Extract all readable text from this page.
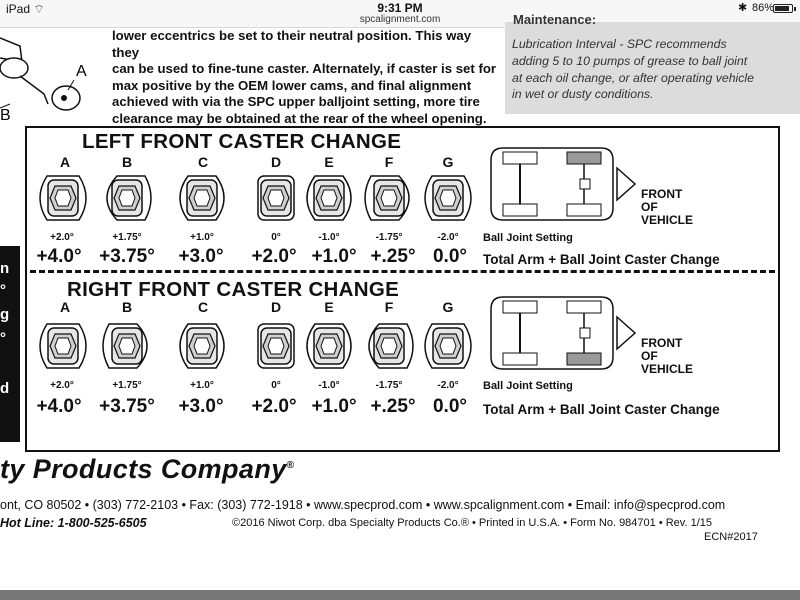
iPad ⌔	9:31 PM
spcalignment.com
✱ 86%
A
B
lower eccentrics be set to their neutral position. This way they
can be used to fine-tune caster. Alternately, if caster is set for
max positive by the OEM lower cams, and final alignment
achieved with via the SPC upper balljoint setting, more tire
clearance may be obtained at the rear of the wheel opening.
Maintenance:
Lubrication Interval - SPC recommends
adding 5 to 10 pumps of grease to ball joint
at each oil change, or after operating vehicle
in wet or dusty conditions.
n
°
g
°
d
LEFT FRONT CASTER CHANGE
A	B	C	D	E	F	G
FRONT
OF
VEHICLE
+2.0°	+1.75°	+1.0°	0°	-1.0°	-1.75°	-2.0°	Ball Joint Setting
+4.0° +3.75°	+3.0°	+2.0° +1.0° +.25° 0.0°	Total Arm + Ball Joint Caster Change
RIGHT FRONT CASTER CHANGE
A	B	C	D	E	F	G
FRONT
OF
VEHICLE
+2.0°	+1.75°	+1.0°	0°	-1.0°	-1.75°	-2.0°	Ball Joint Setting
+4.0° +3.75°	+3.0°	+2.0° +1.0° +.25° 0.0°	Total Arm + Ball Joint Caster Change
ty Products Company®
ont, CO 80502 • (303) 772-2103 • Fax: (303) 772-1918 • www.specprod.com • www.spcalignment.com • Email: info@specprod.com
Hot Line: 1-800-525-6505	©2016 Niwot Corp. dba Specialty Products Co.® • Printed in U.S.A. • Form No. 984701 • Rev. 1/15
ECN#2017
